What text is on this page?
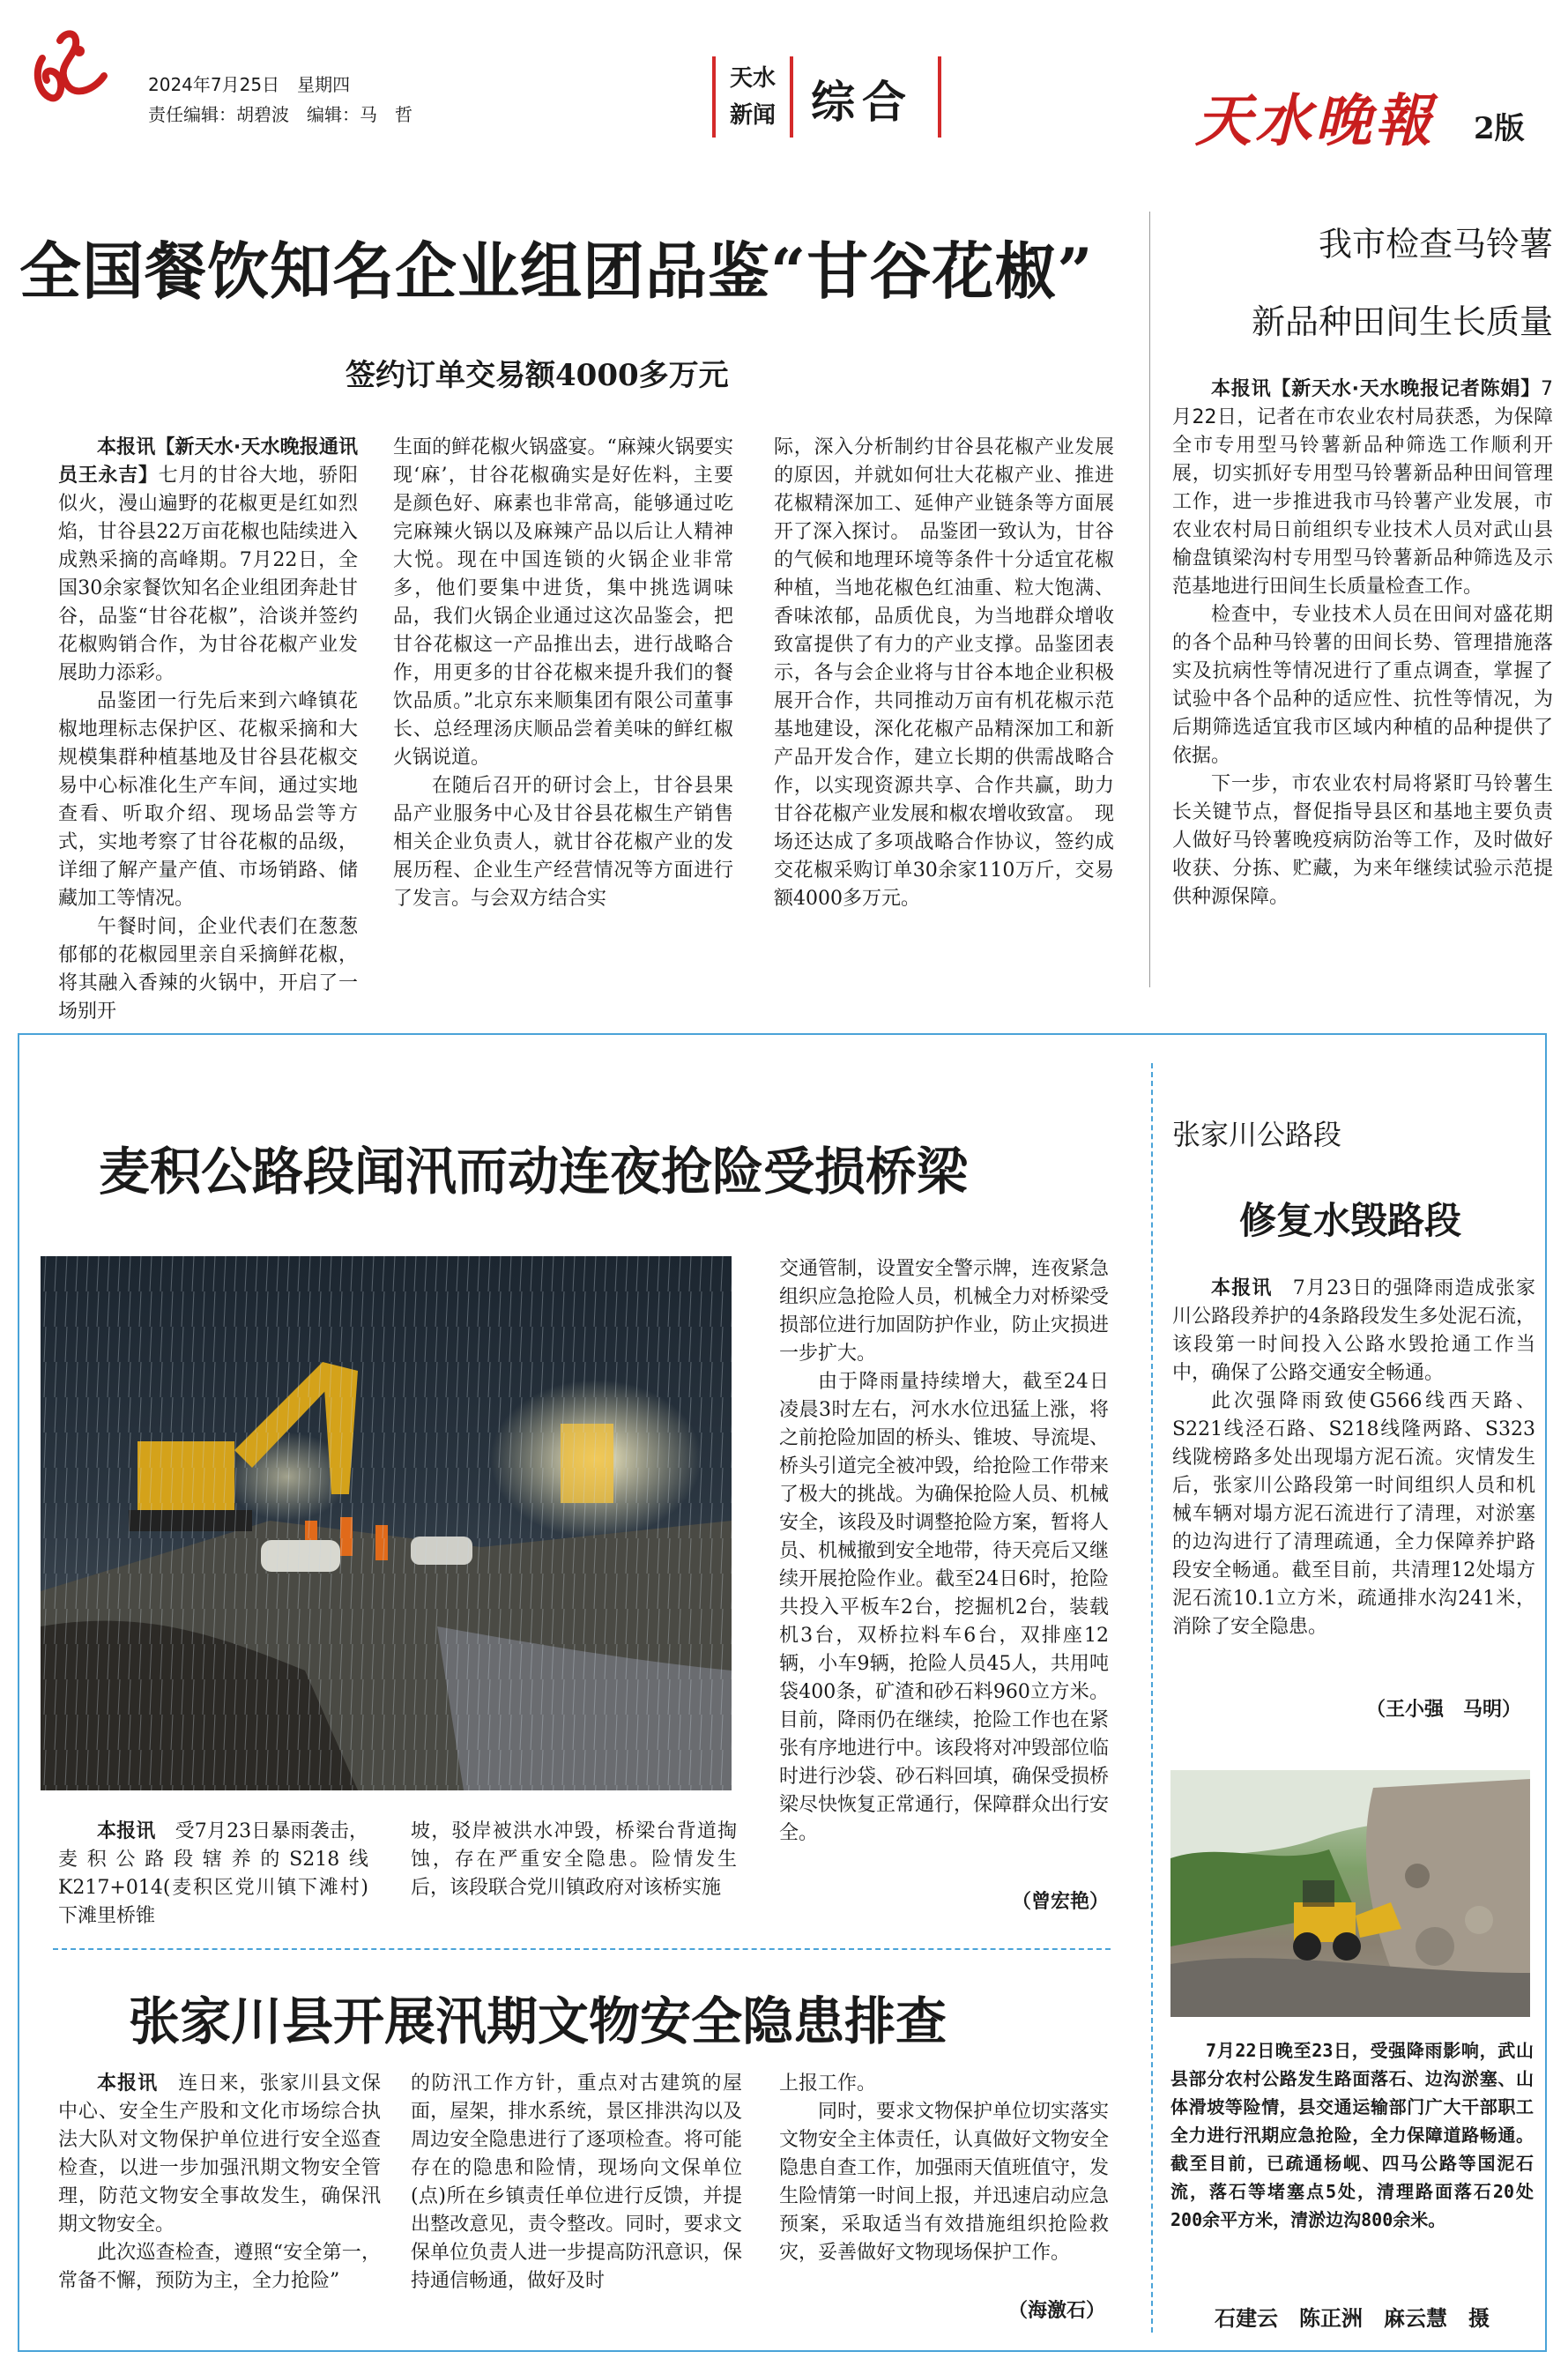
2024年7月25日　星期四
责任编辑：胡碧波　编辑：马　哲
天水
新闻 综合	天水晚報 2版
全国餐饮知名企业组团品鉴“甘谷花椒”
签约订单交易额4000多万元

本报讯【新天水·天水晚报通讯员王永吉】七月的甘谷大地，骄阳似火，漫山遍野的花椒更是红如烈焰，甘谷县22万亩花椒也陆续进入成熟采摘的高峰期。7月22日，全国30余家餐饮知名企业组团奔赴甘谷，品鉴“甘谷花椒”，洽谈并签约花椒购销合作，为甘谷花椒产业发展助力添彩。

品鉴团一行先后来到六峰镇花椒地理标志保护区、花椒采摘和大规模集群种植基地及甘谷县花椒交易中心标准化生产车间，通过实地查看、听取介绍、现场品尝等方式，实地考察了甘谷花椒的品级，详细了解产量产值、市场销路、储藏加工等情况。

午餐时间，企业代表们在葱葱郁郁的花椒园里亲自采摘鲜花椒，将其融入香辣的火锅中，开启了一场别开

生面的鲜花椒火锅盛宴。“麻辣火锅要实现‘麻’，甘谷花椒确实是好佐料，主要是颜色好、麻素也非常高，能够通过吃完麻辣火锅以及麻辣产品以后让人精神大悦。现在中国连锁的火锅企业非常多，他们要集中进货，集中挑选调味品，我们火锅企业通过这次品鉴会，把甘谷花椒这一产品推出去，进行战略合作，用更多的甘谷花椒来提升我们的餐饮品质。”北京东来顺集团有限公司董事长、总经理汤庆顺品尝着美味的鲜红椒火锅说道。

在随后召开的研讨会上，甘谷县果品产业服务中心及甘谷县花椒生产销售相关企业负责人，就甘谷花椒产业的发展历程、企业生产经营情况等方面进行了发言。与会双方结合实

际，深入分析制约甘谷县花椒产业发展的原因，并就如何壮大花椒产业、推进花椒精深加工、延伸产业链条等方面展开了深入探讨。　品鉴团一致认为，甘谷的气候和地理环境等条件十分适宜花椒种植，当地花椒色红油重、粒大饱满、香味浓郁，品质优良，为当地群众增收致富提供了有力的产业支撑。品鉴团表示，各与会企业将与甘谷本地企业积极展开合作，共同推动万亩有机花椒示范基地建设，深化花椒产品精深加工和新产品开发合作，建立长期的供需战略合作，以实现资源共享、合作共赢，助力甘谷花椒产业发展和椒农增收致富。　现场还达成了多项战略合作协议，签约成交花椒采购订单30余家110万斤，交易额4000多万元。

我市检查马铃薯
新品种田间生长质量

本报讯【新天水·天水晚报记者陈娟】7月22日，记者在市农业农村局获悉，为保障全市专用型马铃薯新品种筛选工作顺利开展，切实抓好专用型马铃薯新品种田间管理工作，进一步推进我市马铃薯产业发展，市农业农村局日前组织专业技术人员对武山县榆盘镇梁沟村专用型马铃薯新品种筛选及示范基地进行田间生长质量检查工作。

检查中，专业技术人员在田间对盛花期的各个品种马铃薯的田间长势、管理措施落实及抗病性等情况进行了重点调查，掌握了试验中各个品种的适应性、抗性等情况，为后期筛选适宜我市区域内种植的品种提供了依据。

下一步，市农业农村局将紧盯马铃薯生长关键节点，督促指导县区和基地主要负责人做好马铃薯晚疫病防治等工作，及时做好收获、分拣、贮藏，为来年继续试验示范提供种源保障。

麦积公路段闻汛而动连夜抢险受损桥梁

本报讯　受7月23日暴雨袭击，麦积公路段辖养的S218线K217+014(麦积区党川镇下滩村)下滩里桥锥

坡，驳岸被洪水冲毁，桥梁台背道掏蚀，存在严重安全隐患。险情发生后，该段联合党川镇政府对该桥实施

交通管制，设置安全警示牌，连夜紧急组织应急抢险人员，机械全力对桥梁受损部位进行加固防护作业，防止灾损进一步扩大。

由于降雨量持续增大，截至24日凌晨3时左右，河水水位迅猛上涨，将之前抢险加固的桥头、锥坡、导流堤、桥头引道完全被冲毁，给抢险工作带来了极大的挑战。为确保抢险人员、机械安全，该段及时调整抢险方案，暂将人员、机械撤到安全地带，待天亮后又继续开展抢险作业。截至24日6时，抢险共投入平板车2台，挖掘机2台，装载机3台，双桥拉料车6台，双排座12辆，小车9辆，抢险人员45人，共用吨袋400条，矿渣和砂石料960立方米。目前，降雨仍在继续，抢险工作也在紧张有序地进行中。该段将对冲毁部位临时进行沙袋、砂石料回填，确保受损桥梁尽快恢复正常通行，保障群众出行安全。

（曾宏艳）
张家川公路段
修复水毁路段

本报讯　7月23日的强降雨造成张家川公路段养护的4条路段发生多处泥石流，该段第一时间投入公路水毁抢通工作当中，确保了公路交通安全畅通。

此次强降雨致使G566线西天路、S221线泾石路、S218线隆两路、S323线陇榜路多处出现塌方泥石流。灾情发生后，张家川公路段第一时间组织人员和机械车辆对塌方泥石流进行了清理，对淤塞的边沟进行了清理疏通，全力保障养护路段安全畅通。截至目前，共清理12处塌方泥石流10.1立方米，疏通排水沟241米，消除了安全隐患。

（王小强　马明）

7月22日晚至23日，受强降雨影响，武山县部分农村公路发生路面落石、边沟淤塞、山体滑坡等险情，县交通运输部门广大干部职工全力进行汛期应急抢险，全力保障道路畅通。截至目前，已疏通杨岘、四马公路等国泥石流，落石等堵塞点5处，清理路面落石20处200余平方米，清淤边沟800余米。

石建云　陈正洲　麻云慧　摄
张家川县开展汛期文物安全隐患排查

本报讯　连日来，张家川县文保中心、安全生产股和文化市场综合执法大队对文物保护单位进行安全巡查检查，以进一步加强汛期文物安全管理，防范文物安全事故发生，确保汛期文物安全。

此次巡查检查，遵照“安全第一，常备不懈，预防为主，全力抢险”

的防汛工作方针，重点对古建筑的屋面，屋架，排水系统，景区排洪沟以及周边安全隐患进行了逐项检查。将可能存在的隐患和险情，现场向文保单位(点)所在乡镇责任单位进行反馈，并提出整改意见，责令整改。同时，要求文保单位负责人进一步提高防汛意识，保持通信畅通，做好及时

上报工作。

同时，要求文物保护单位切实落实文物安全主体责任，认真做好文物安全隐患自查工作，加强雨天值班值守，发生险情第一时间上报，并迅速启动应急预案，采取适当有效措施组织抢险救灾，妥善做好文物现场保护工作。

（海激石）
